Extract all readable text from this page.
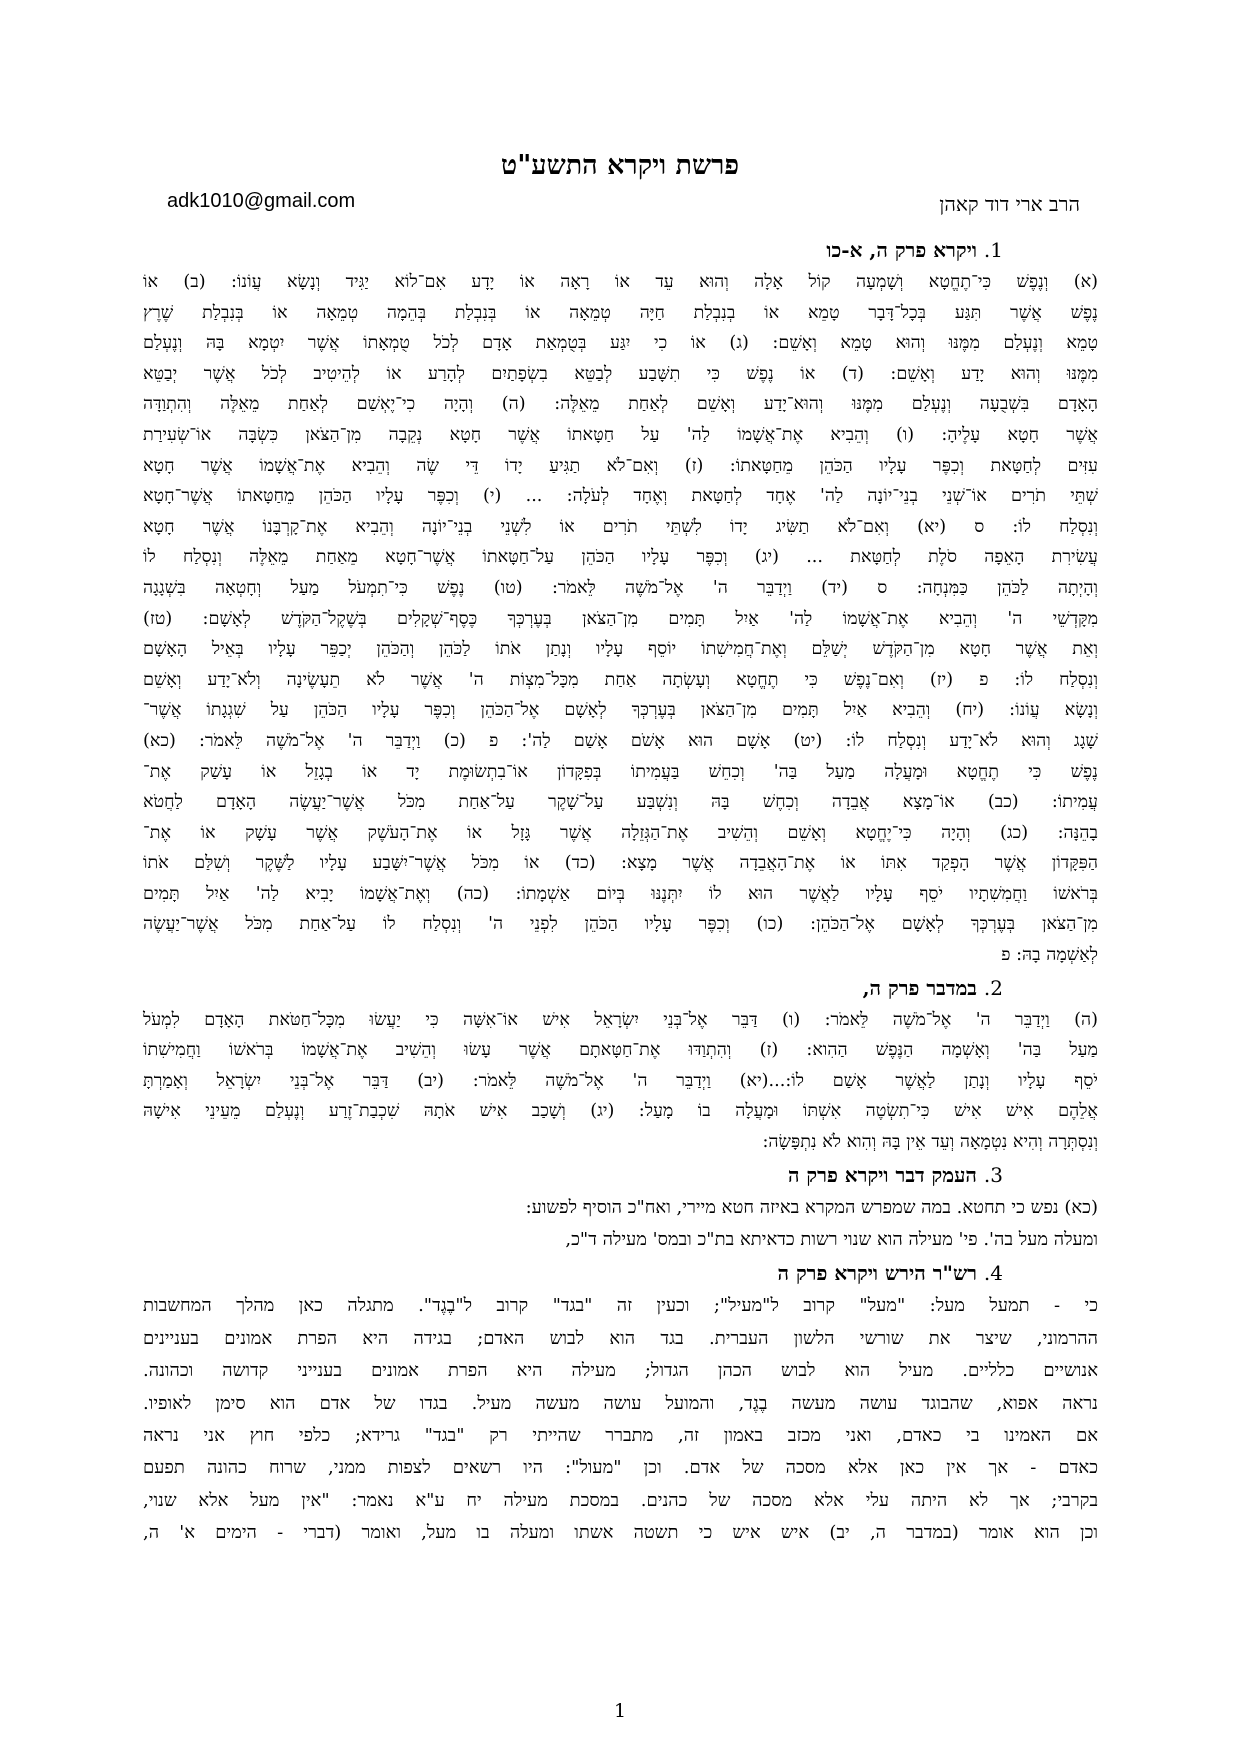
פרשת ויקרא התשע"ט
הרב ארי דוד קאהן
adk1010@gmail.com

1. ויקרא פרק ה, א-כו

(א) וְנֶפֶשׁ כִּי־תֶחֱטָא וְשָׁמְעָה קוֹל אָלָה וְהוּא עֵד אוֹ רָאָה אוֹ יָדָע אִם־לוֹא יַגִּיד וְנָשָׂא עֲוֹנוֹ: (ב) אוֹ
נֶפֶשׁ אֲשֶׁר תִּגַּע בְּכָל־דָּבָר טָמֵא אוֹ בְנִבְלַת חַיָּה טְמֵאָה אוֹ בְּנִבְלַת בְּהֵמָה טְמֵאָה אוֹ בְּנִבְלַת שֶׁרֶץ
טָמֵא וְנֶעְלַם מִמֶּנּוּ וְהוּא טָמֵא וְאָשֵׁם: (ג) אוֹ כִי יִגַּע בְּטֻמְאַת אָדָם לְכֹל טֻמְאָתוֹ אֲשֶׁר יִטְמָא בָּהּ וְנֶעְלַם
מִמֶּנּוּ וְהוּא יָדַע וְאָשֵׁם: (ד) אוֹ נֶפֶשׁ כִּי תִשָּׁבַע לְבַטֵּא בִשְׂפָתַיִם לְהָרַע אוֹ לְהֵיטִיב לְכֹל אֲשֶׁר יְבַטֵּא
הָאָדָם בִּשְׁבֻעָה וְנֶעְלַם מִמֶּנּוּ וְהוּא־יָדַע וְאָשֵׁם לְאַחַת מֵאֵלֶּה: (ה) וְהָיָה כִי־יֶאְשַׁם לְאַחַת מֵאֵלֶּה וְהִתְוַדָּה
אֲשֶׁר חָטָא עָלֶיהָ: (ו) וְהֵבִיא אֶת־אֲשָׁמוֹ לַה' עַל חַטָּאתוֹ אֲשֶׁר חָטָא נְקֵבָה מִן־הַצֹּאן כִּשְׂבָּה אוֹ־שְׂעִירַת
עִזִּים לְחַטָּאת וְכִפֶּר עָלָיו הַכֹּהֵן מֵחַטָּאתוֹ: (ז) וְאִם־לֹא תַגִּיעַ יָדוֹ דֵּי שֶׂה וְהֵבִיא אֶת־אֲשָׁמוֹ אֲשֶׁר חָטָא
שְׁתֵּי תֹרִים אוֹ־שְׁנֵי בְנֵי־יוֹנָה לַה' אֶחָד לְחַטָּאת וְאֶחָד לְעֹלָה: ... (י) וְכִפֶּר עָלָיו הַכֹּהֵן מֵחַטָּאתוֹ אֲשֶׁר־חָטָא
וְנִסְלַח לוֹ: ס (יא) וְאִם־לֹא תַשִּׂיג יָדוֹ לִשְׁתֵּי תֹרִים אוֹ לִשְׁנֵי בְנֵי־יוֹנָה וְהֵבִיא אֶת־קָרְבָּנוֹ אֲשֶׁר חָטָא
עֲשִׂירִת הָאֵפָה סֹלֶת לְחַטָּאת ... (יג) וְכִפֶּר עָלָיו הַכֹּהֵן עַל־חַטָּאתוֹ אֲשֶׁר־חָטָא מֵאַחַת מֵאֵלֶּה וְנִסְלַח לוֹ
וְהָיְתָה לַכֹּהֵן כַּמִּנְחָה: ס (יד) וַיְדַבֵּר ה' אֶל־מֹשֶׁה לֵּאמֹר: (טו) נֶפֶשׁ כִּי־תִמְעֹל מַעַל וְחָטְאָה בִּשְׁגָגָה
מִקָּדְשֵׁי ה' וְהֵבִיא אֶת־אֲשָׁמוֹ לַה' אַיִל תָּמִים מִן־הַצֹּאן בְּעֶרְכְּךָ כֶּסֶף־שְׁקָלִים בְּשֶׁקֶל־הַקֹּדֶשׁ לְאָשָׁם: (טז)
וְאֵת אֲשֶׁר חָטָא מִן־הַקֹּדֶשׁ יְשַׁלֵּם וְאֶת־חֲמִישִׁתוֹ יוֹסֵף עָלָיו וְנָתַן אֹתוֹ לַכֹּהֵן וְהַכֹּהֵן יְכַפֵּר עָלָיו בְּאֵיל הָאָשָׁם
וְנִסְלַח לוֹ: פ (יז) וְאִם־נֶפֶשׁ כִּי תֶחֱטָא וְעָשְׂתָה אַחַת מִכָּל־מִצְוֹת ה' אֲשֶׁר לֹא תֵעָשֶׂינָה וְלֹא־יָדַע וְאָשֵׁם
וְנָשָׂא עֲוֹנוֹ: (יח) וְהֵבִיא אַיִל תָּמִים מִן־הַצֹּאן בְּעֶרְכְּךָ לְאָשָׁם אֶל־הַכֹּהֵן וְכִפֶּר עָלָיו הַכֹּהֵן עַל שִׁגְגָתוֹ אֲשֶׁר־
שָׁגָג וְהוּא לֹא־יָדַע וְנִסְלַח לוֹ: (יט) אָשָׁם הוּא אָשֹׁם אָשַׁם לַה': פ (כ) וַיְדַבֵּר ה' אֶל־מֹשֶׁה לֵּאמֹר: (כא)
נֶפֶשׁ כִּי תֶחֱטָא וּמָעֲלָה מַעַל בַּה' וְכִחֵשׁ בַּעֲמִיתוֹ בְּפִקָּדוֹן אוֹ־בִתְשׂוּמֶת יָד אוֹ בְגָזֵל אוֹ עָשַׁק אֶת־
עֲמִיתוֹ: (כב) אוֹ־מָצָא אֲבֵדָה וְכִחֶשׁ בָּהּ וְנִשְׁבַּע עַל־שָׁקֶר עַל־אַחַת מִכֹּל אֲשֶׁר־יַעֲשֶׂה הָאָדָם לַחֲטֹא
בָהֵנָּה: (כג) וְהָיָה כִּי־יֶחֱטָא וְאָשֵׁם וְהֵשִׁיב אֶת־הַגְּזֵלָה אֲשֶׁר גָּזָל אוֹ אֶת־הָעֹשֶׁק אֲשֶׁר עָשָׁק אוֹ אֶת־
הַפִּקָּדוֹן אֲשֶׁר הָפְקַד אִתּוֹ אוֹ אֶת־הָאֲבֵדָה אֲשֶׁר מָצָא: (כד) אוֹ מִכֹּל אֲשֶׁר־יִשָּׁבַע עָלָיו לַשֶּׁקֶר וְשִׁלַּם אֹתוֹ
בְּרֹאשׁוֹ וַחֲמִשִׁתָיו יֹסֵף עָלָיו לַאֲשֶׁר הוּא לוֹ יִתְּנֶנּוּ בְּיוֹם אַשְׁמָתוֹ: (כה) וְאֶת־אֲשָׁמוֹ יָבִיא לַה' אַיִל תָּמִים
מִן־הַצֹּאן בְּעֶרְכְּךָ לְאָשָׁם אֶל־הַכֹּהֵן: (כו) וְכִפֶּר עָלָיו הַכֹּהֵן לִפְנֵי ה' וְנִסְלַח לוֹ עַל־אַחַת מִכֹּל אֲשֶׁר־יַעֲשֶׂה
לְאַשְׁמָה בָהּ: פ

2. במדבר פרק ה,

(ה) וַיְדַבֵּר ה' אֶל־מֹשֶׁה לֵּאמֹר: (ו) דַּבֵּר אֶל־בְּנֵי יִשְׂרָאֵל אִישׁ אוֹ־אִשָּׁה כִּי יַעֲשׂוּ מִכָּל־חַטֹּאת הָאָדָם לִמְעֹל
מַעַל בַּה' וְאָשְׁמָה הַנֶּפֶשׁ הַהִוא: (ז) וְהִתְוַדּוּ אֶת־חַטָּאתָם אֲשֶׁר עָשׂוּ וְהֵשִׁיב אֶת־אֲשָׁמוֹ בְּרֹאשׁוֹ וַחֲמִישִׁתוֹ
יֹסֵף עָלָיו וְנָתַן לַאֲשֶׁר אָשַׁם לוֹ:...(יא) וַיְדַבֵּר ה' אֶל־מֹשֶׁה לֵּאמֹר: (יב) דַּבֵּר אֶל־בְּנֵי יִשְׂרָאֵל וְאָמַרְתָּ
אֲלֵהֶם אִישׁ אִישׁ כִּי־תִשְׂטֶה אִשְׁתּוֹ וּמָעֲלָה בוֹ מָעַל: (יג) וְשָׁכַב אִישׁ אֹתָהּ שִׁכְבַת־זֶרַע וְנֶעְלַם מֵעֵינֵי אִישָׁהּ
וְנִסְתְּרָה וְהִיא נִטְמָאָה וְעֵד אֵין בָּהּ וְהִוא לֹא נִתְפָּשָׂה:

3. העמק דבר ויקרא פרק ה

(כא) נפש כי תחטא. במה שמפרש המקרא באיזה חטא מיירי, ואח"כ הוסיף לפשוע:
ומעלה מעל בה'. פי' מעילה הוא שנוי רשות כדאיתא בת"כ ובמס' מעילה ד"כ,

4. רש"ר הירש ויקרא פרק ה

כי - תמעל מעל: "מעל" קרוב ל"מעיל"; וכעין זה "בגד" קרוב ל"בֶגֶד". מתגלה כאן מהלך המחשבות
ההרמוני, שיצר את שורשי הלשון העברית. בגד הוא לבוש האדם; בגידה היא הפרת אמונים בעניינים
אנושיים כלליים. מעיל הוא לבוש הכהן הגדול; מעילה היא הפרת אמונים בענייני קדושה וכהונה.
נראה אפוא, שהבוגד עושה מעשה בֶגֶד, והמועל עושה מעשה מעיל. בגדו של אדם הוא סימן לאופיו.
אם האמינו בי כאדם, ואני מכזב באמון זה, מתברר שהייתי רק "בגד" גרידא; כלפי חוץ אני נראה
כאדם - אך אין כאן אלא מסכה של אדם. וכן "מעול": היו רשאים לצפות ממני, שרוח כהונה תפעם
בקרבי; אך לא היתה עלי אלא מסכה של כהנים. במסכת מעילה יח ע"א נאמר: "אין מעל אלא שנוי,
וכן הוא אומר (במדבר ה, יב) איש איש כי תשטה אשתו ומעלה בו מעל, ואומר (דברי - הימים א' ה,

1
